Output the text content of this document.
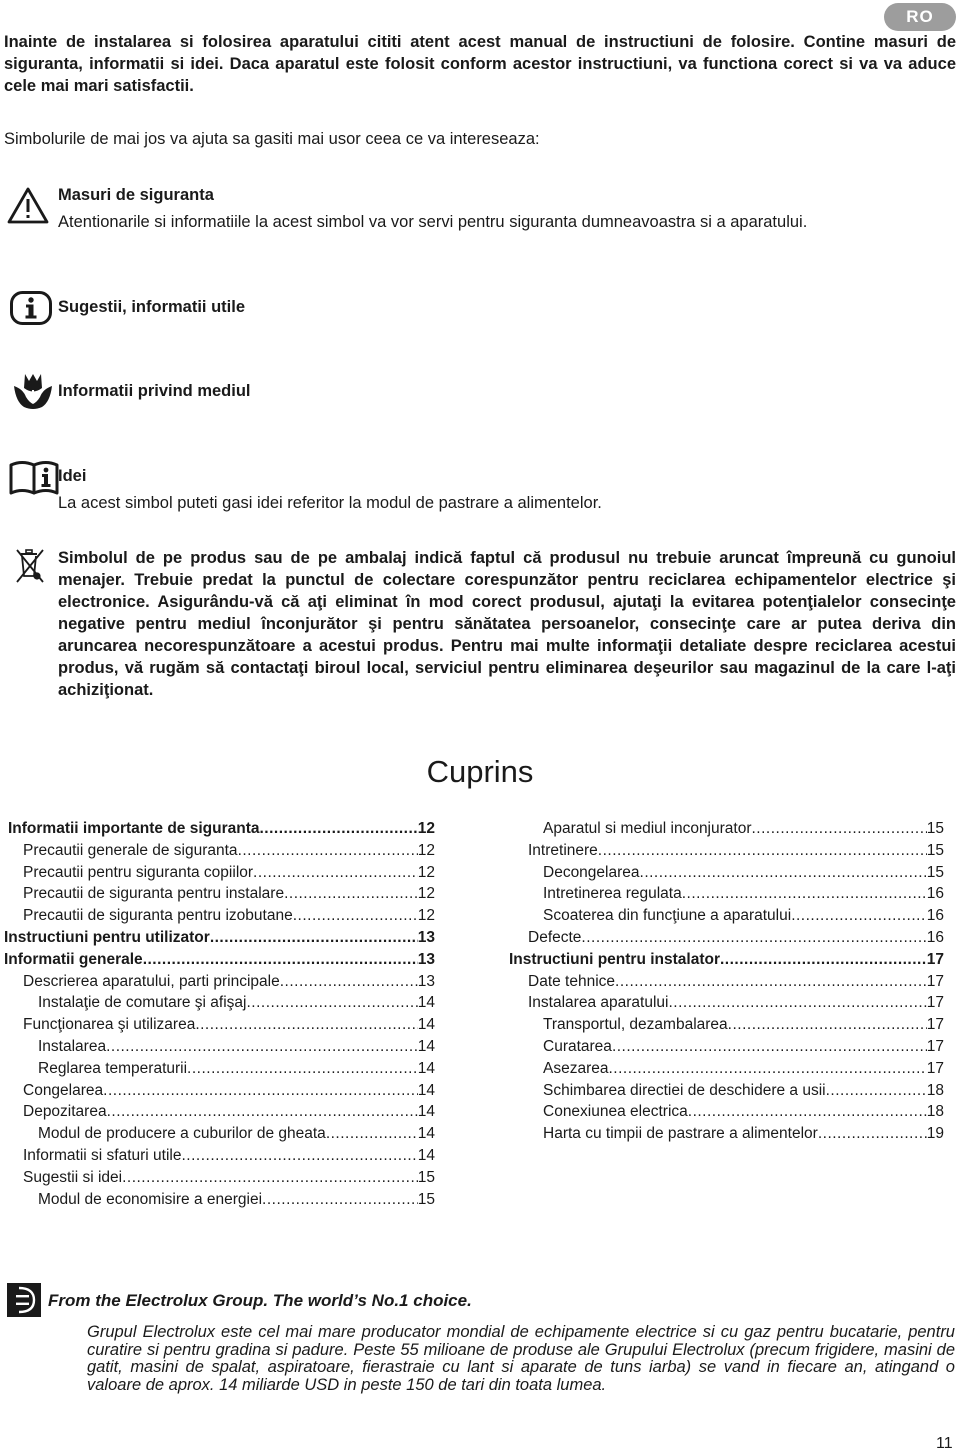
RO

Inainte de instalarea si folosirea aparatului cititi atent acest manual de instructiuni de folosire. Contine masuri de siguranta, informatii si idei. Daca aparatul este folosit conform acestor instructiuni, va functiona corect si va va aduce cele mai mari satisfactii.

Simbolurile de mai jos va ajuta sa gasiti mai usor ceea ce va intereseaza:

Masuri de siguranta
Atentionarile si informatiile la acest simbol va vor servi pentru siguranta dumneavoastra si a aparatului.
Sugestii, informatii utile
Informatii privind mediul
Idei
La acest simbol puteti gasi idei referitor la modul de pastrare a alimentelor.

Simbolul de pe produs sau de pe ambalaj indică faptul că produsul nu trebuie aruncat împreună cu gunoiul menajer. Trebuie predat la punctul de colectare corespunzător pentru reciclarea echipamentelor electrice şi electronice. Asigurându-vă că aţi eliminat în mod corect produsul, ajutaţi la evitarea potenţialelor consecinţe negative pentru mediul înconjurător şi pentru sănătatea persoanelor, consecinţe care ar putea deriva din aruncarea necorespunzătoare a acestui produs. Pentru mai multe informaţii detaliate despre reciclarea acestui produs, vă rugăm să contactaţi biroul local, serviciul pentru eliminarea deşeurilor sau magazinul de la care l-aţi achiziţionat.

Cuprins
Informatii importante de siguranta .....	12
Precautii generale de siguranta .....	12
Precautii pentru siguranta copiilor .....	12
Precautii de siguranta pentru instalare .....	12
Precautii de siguranta pentru izobutane .....	12
Instructiuni pentru utilizator .....	13
Informatii generale .....	13
Descrierea aparatului, parti principale .....	13
Instalaţie de comutare şi afişaj .....	14
Funcţionarea şi utilizarea .....	14
Instalarea .....	14
Reglarea temperaturii .....	14
Congelarea .....	14
Depozitarea .....	14
Modul de producere a cuburilor de gheata .....	14
Informatii si sfaturi utile .....	14
Sugestii si idei .....	15
Modul de economisire a energiei .....	15
Aparatul si mediul inconjurator .....	15
Intretinere .....	15
Decongelarea .....	15
Intretinerea regulata .....	16
Scoaterea din funcţiune a aparatului .....	16
Defecte .....	16
Instructiuni pentru instalator .....	17
Date tehnice .....	17
Instalarea aparatului .....	17
Transportul, dezambalarea .....	17
Curatarea .....	17
Asezarea .....	17
Schimbarea directiei de deschidere a usii .....	18
Conexiunea electrica .....	18
Harta cu timpii de pastrare a alimentelor .....	19
From the Electrolux Group. The world’s No.1 choice.

Grupul Electrolux este cel mai mare producator mondial de echipamente electrice si cu gaz pentru bucatarie, pentru curatire si pentru gradina si padure. Peste 55 milioane de produse ale Grupului Electrolux (precum frigidere, masini de gatit, masini de spalat, aspiratoare, fierastraie cu lant si aparate de tuns iarba) se vand in fiecare an, atingand o valoare de aprox. 14 miliarde USD in peste 150 de tari din toata lumea.

11
